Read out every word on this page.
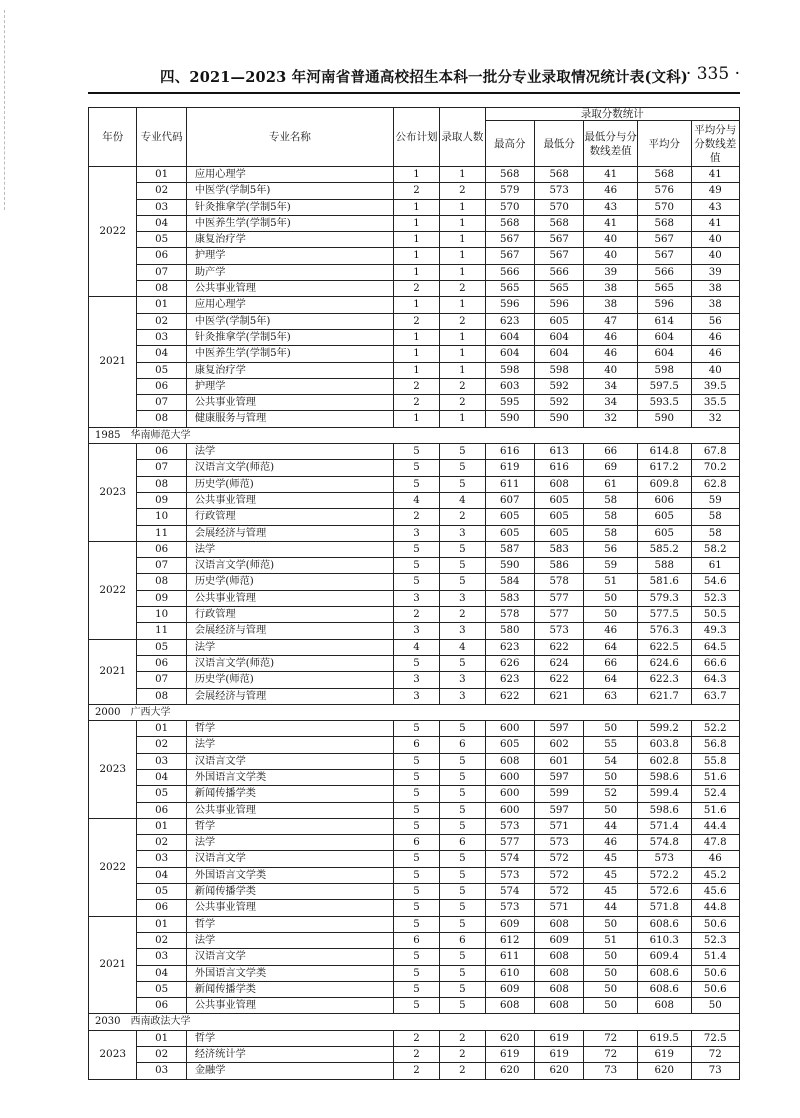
四、2021—2023 年河南省普通高校招生本科一批分专业录取情况统计表(文科)
· 335 ·
年份	专业代码	专业名称	公布计划	录取人数	录取分数统计				
					最高分	最低分	最低分与分数线差值	平均分	平均分与分数线差值
2022	01	应用心理学	1	1	568	568	41	568	41
	02	中医学(学制5年)	2	2	579	573	46	576	49
	03	针灸推拿学(学制5年)	1	1	570	570	43	570	43
	04	中医养生学(学制5年)	1	1	568	568	41	568	41
	05	康复治疗学	1	1	567	567	40	567	40
	06	护理学	1	1	567	567	40	567	40
	07	助产学	1	1	566	566	39	566	39
	08	公共事业管理	2	2	565	565	38	565	38
2021	01	应用心理学	1	1	596	596	38	596	38
	02	中医学(学制5年)	2	2	623	605	47	614	56
	03	针灸推拿学(学制5年)	1	1	604	604	46	604	46
	04	中医养生学(学制5年)	1	1	604	604	46	604	46
	05	康复治疗学	1	1	598	598	40	598	40
	06	护理学	2	2	603	592	34	597.5	39.5
	07	公共事业管理	2	2	595	592	34	593.5	35.5
	08	健康服务与管理	1	1	590	590	32	590	32
1985　华南师范大学									
2023	06	法学	5	5	616	613	66	614.8	67.8
	07	汉语言文学(师范)	5	5	619	616	69	617.2	70.2
	08	历史学(师范)	5	5	611	608	61	609.8	62.8
	09	公共事业管理	4	4	607	605	58	606	59
	10	行政管理	2	2	605	605	58	605	58
	11	会展经济与管理	3	3	605	605	58	605	58
2022	06	法学	5	5	587	583	56	585.2	58.2
	07	汉语言文学(师范)	5	5	590	586	59	588	61
	08	历史学(师范)	5	5	584	578	51	581.6	54.6
	09	公共事业管理	3	3	583	577	50	579.3	52.3
	10	行政管理	2	2	578	577	50	577.5	50.5
	11	会展经济与管理	3	3	580	573	46	576.3	49.3
2021	05	法学	4	4	623	622	64	622.5	64.5
	06	汉语言文学(师范)	5	5	626	624	66	624.6	66.6
	07	历史学(师范)	3	3	623	622	64	622.3	64.3
	08	会展经济与管理	3	3	622	621	63	621.7	63.7
2000　广西大学									
2023	01	哲学	5	5	600	597	50	599.2	52.2
	02	法学	6	6	605	602	55	603.8	56.8
	03	汉语言文学	5	5	608	601	54	602.8	55.8
	04	外国语言文学类	5	5	600	597	50	598.6	51.6
	05	新闻传播学类	5	5	600	599	52	599.4	52.4
	06	公共事业管理	5	5	600	597	50	598.6	51.6
2022	01	哲学	5	5	573	571	44	571.4	44.4
	02	法学	6	6	577	573	46	574.8	47.8
	03	汉语言文学	5	5	574	572	45	573	46
	04	外国语言文学类	5	5	573	572	45	572.2	45.2
	05	新闻传播学类	5	5	574	572	45	572.6	45.6
	06	公共事业管理	5	5	573	571	44	571.8	44.8
2021	01	哲学	5	5	609	608	50	608.6	50.6
	02	法学	6	6	612	609	51	610.3	52.3
	03	汉语言文学	5	5	611	608	50	609.4	51.4
	04	外国语言文学类	5	5	610	608	50	608.6	50.6
	05	新闻传播学类	5	5	609	608	50	608.6	50.6
	06	公共事业管理	5	5	608	608	50	608	50
2030　西南政法大学									
2023	01	哲学	2	2	620	619	72	619.5	72.5
	02	经济统计学	2	2	619	619	72	619	72
	03	金融学	2	2	620	620	73	620	73
